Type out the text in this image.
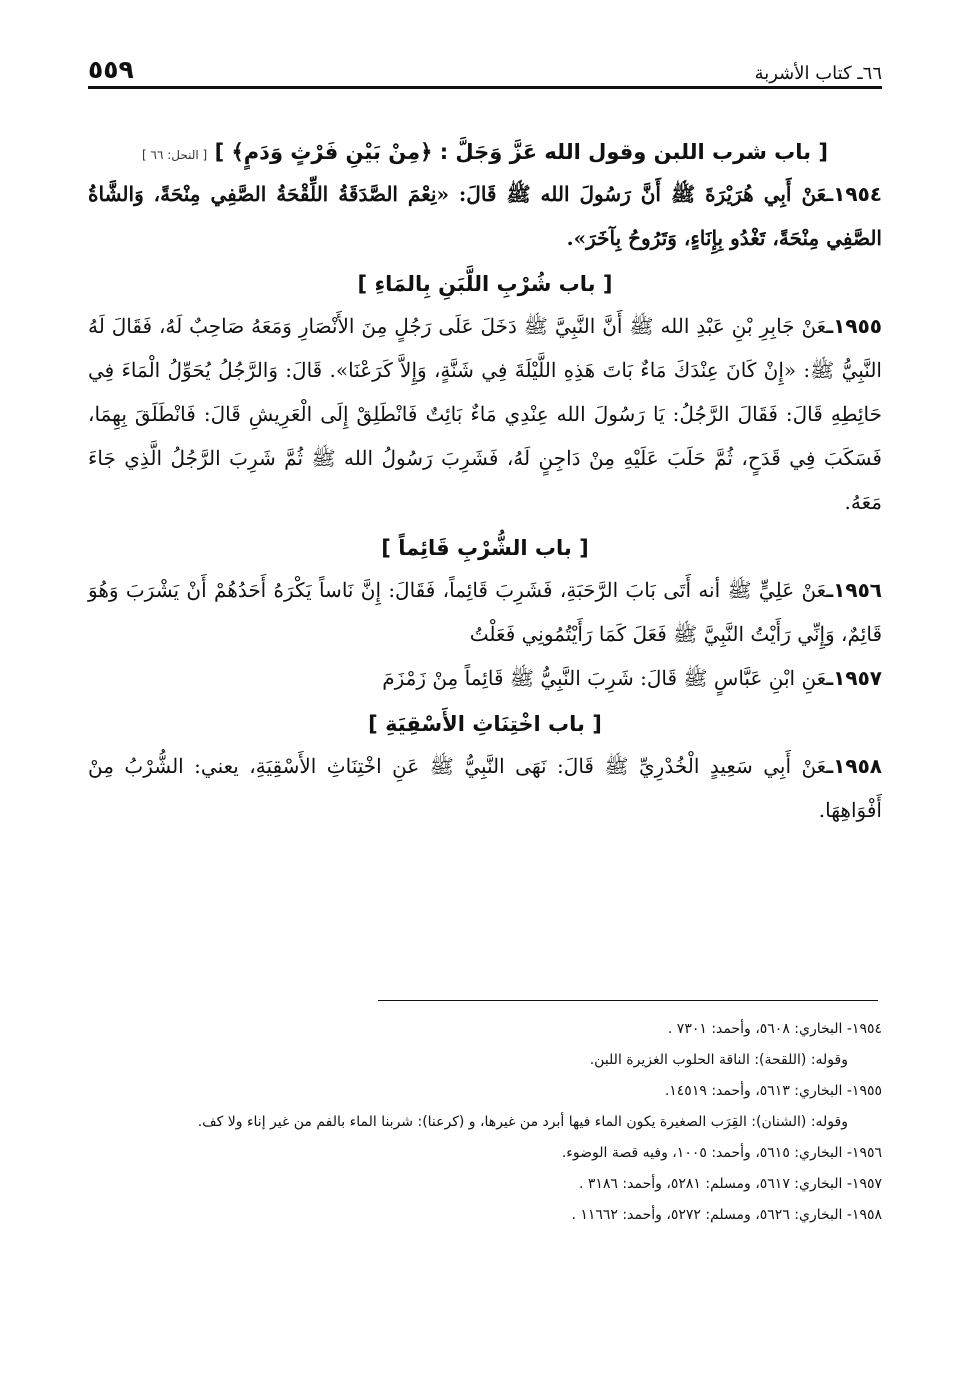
٥٥٩	٦٦ـ كتاب الأشربة

[ باب شرب اللبن وقول الله عَزَّ وَجَلَّ : ﴿مِنْ بَيْنِ فَرْثٍ وَدَمٍ﴾ ] [ النحل: ٦٦ ]

١٩٥٤ـعَنْ أَبِي هُرَيْرَةَ ﷺ أَنَّ رَسُولَ الله ﷺ قَالَ: «نِعْمَ الصَّدَقَةُ اللِّقْحَةُ الصَّفِي مِنْحَةً، وَالشَّاةُ الصَّفِي مِنْحَةً، تَغْدُو بِإِنَاءٍ، وَتَرُوحُ بِآخَرَ».

[ باب شُرْبِ اللَّبَنِ بِالمَاءِ ]

١٩٥٥ـعَنْ جَابِرِ بْنِ عَبْدِ الله ﷺ أَنَّ النَّبِيَّ ﷺ دَخَلَ عَلَى رَجُلٍ مِنَ الأَنْصَارِ وَمَعَهُ صَاحِبٌ لَهُ، فَقَالَ لَهُ النَّبِيُّ ﷺ: «إِنْ كَانَ عِنْدَكَ مَاءٌ بَاتَ هَذِهِ اللَّيْلَةَ فِي شَنَّةٍ، وَإِلاَّ كَرَعْنَا». قَالَ: وَالرَّجُلُ يُحَوِّلُ الْمَاءَ فِي حَائِطِهِ قَالَ: فَقَالَ الرَّجُلُ: يَا رَسُولَ الله عِنْدِي مَاءٌ بَائِتٌ فَانْطَلِقْ إِلَى الْعَرِيشِ قَالَ: فَانْطَلَقَ بِهِمَا، فَسَكَبَ فِي قَدَحٍ، ثُمَّ حَلَبَ عَلَيْهِ مِنْ دَاجِنٍ لَهُ، فَشَرِبَ رَسُولُ الله ﷺ ثُمَّ شَرِبَ الرَّجُلُ الَّذِي جَاءَ مَعَهُ.

[ باب الشُّرْبِ قَائِماً ]

١٩٥٦ـعَنْ عَلِيٍّ ﷺ أنه أَتَى بَابَ الرَّحَبَةِ، فَشَرِبَ قَائِماً، فَقَالَ: إِنَّ نَاساً يَكْرَهُ أَحَدُهُمْ أَنْ يَشْرَبَ وَهُوَ قَائِمٌ، وَإِنِّي رَأَيْتُ النَّبِيَّ ﷺ فَعَلَ كَمَا رَأَيْتُمُونِي فَعَلْتُ

١٩٥٧ـعَنِ ابْنِ عَبَّاسٍ ﷺ قَالَ: شَرِبَ النَّبِيُّ ﷺ قَائِماً مِنْ زَمْزَمَ

[ باب اخْتِنَاثِ الأَسْقِيَةِ ]

١٩٥٨ـعَنْ أَبِي سَعِيدٍ الْخُدْرِيِّ ﷺ قَالَ: نَهَى النَّبِيُّ ﷺ عَنِ اخْتِنَاثِ الأَسْقِيَةِ، يعني: الشُّرْبُ مِنْ أَفْوَاهِهَا.

١٩٥٤- البخاري: ٥٦٠٨، وأحمد: ٧٣٠١ .

وقوله: (اللقحة): الناقة الحلوب الغزيرة اللبن.

١٩٥٥- البخاري: ٥٦١٣، وأحمد: ١٤٥١٩.

وقوله: (الشنان): القِرَب الصغيرة يكون الماء فيها أبرد من غيرها، و (كرعنا): شربنا الماء بالفم من غير إناء ولا كف.

١٩٥٦- البخاري: ٥٦١٥، وأحمد: ١٠٠٥، وفيه قصة الوضوء.

١٩٥٧- البخاري: ٥٦١٧، ومسلم: ٥٢٨١، وأحمد: ٣١٨٦ .

١٩٥٨- البخاري: ٥٦٢٦، ومسلم: ٥٢٧٢، وأحمد: ١١٦٦٢ .
